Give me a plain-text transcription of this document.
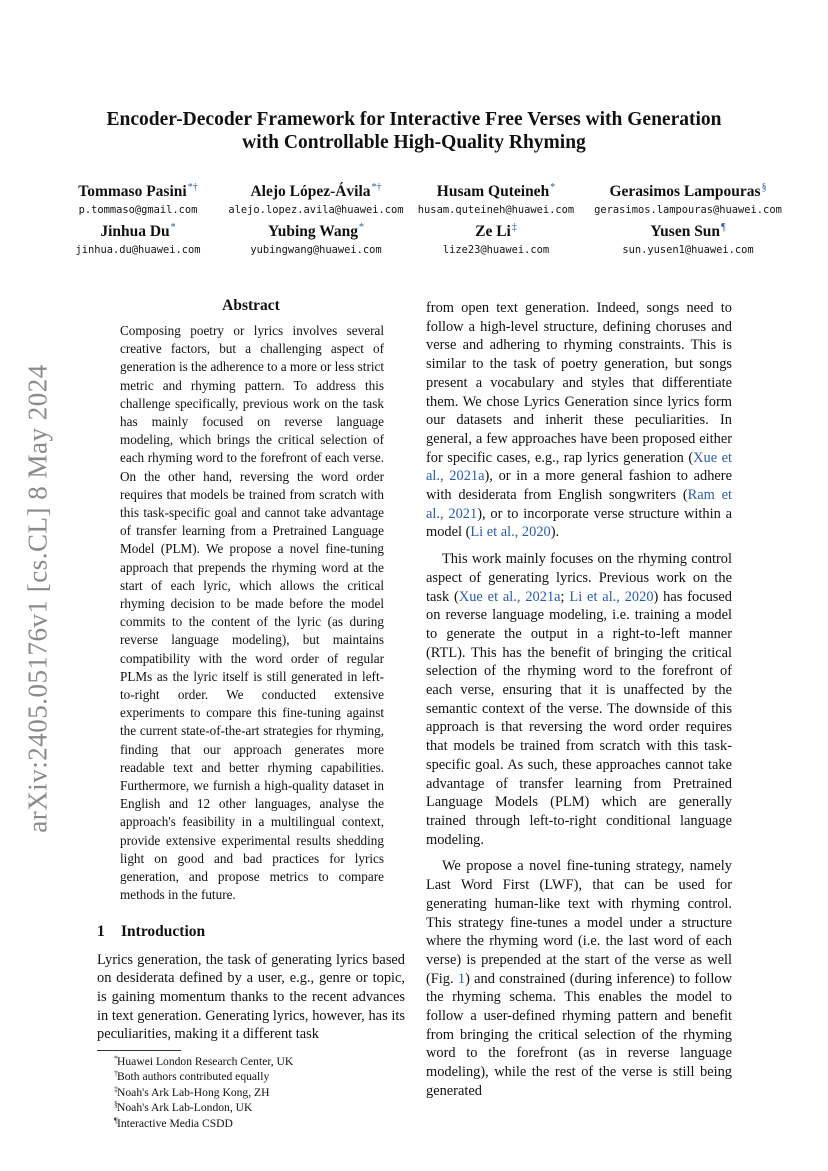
arXiv:2405.05176v1 [cs.CL] 8 May 2024
Encoder-Decoder Framework for Interactive Free Verses with Generation
with Controllable High-Quality Rhyming
Tommaso Pasini*†
p.tommaso@gmail.com
Alejo López-Ávila*†
alejo.lopez.avila@huawei.com
Husam Quteineh*
husam.quteineh@huawei.com
Gerasimos Lampouras§
gerasimos.lampouras@huawei.com
Jinhua Du*
jinhua.du@huawei.com
Yubing Wang*
yubingwang@huawei.com
Ze Li‡
lize23@huawei.com
Yusen Sun¶
sun.yusen1@huawei.com
Abstract
Composing poetry or lyrics involves several creative factors, but a challenging aspect of generation is the adherence to a more or less strict metric and rhyming pattern. To address this challenge specifically, previous work on the task has mainly focused on reverse language modeling, which brings the critical selection of each rhyming word to the forefront of each verse. On the other hand, reversing the word order requires that models be trained from scratch with this task-specific goal and cannot take advantage of transfer learning from a Pretrained Language Model (PLM). We propose a novel fine-tuning approach that prepends the rhyming word at the start of each lyric, which allows the critical rhyming decision to be made before the model commits to the content of the lyric (as during reverse language modeling), but maintains compatibility with the word order of regular PLMs as the lyric itself is still generated in left-to-right order. We conducted extensive experiments to compare this fine-tuning against the current state-of-the-art strategies for rhyming, finding that our approach generates more readable text and better rhyming capabilities. Furthermore, we furnish a high-quality dataset in English and 12 other languages, analyse the approach's feasibility in a multilingual context, provide extensive experimental results shedding light on good and bad practices for lyrics generation, and propose metrics to compare methods in the future.
1 Introduction
Lyrics generation, the task of generating lyrics based on desiderata defined by a user, e.g., genre or topic, is gaining momentum thanks to the recent advances in text generation. Generating lyrics, however, has its peculiarities, making it a different task
* Huawei London Research Center, UK
† Both authors contributed equally
‡ Noah's Ark Lab-Hong Kong, ZH
§ Noah's Ark Lab-London, UK
¶ Interactive Media CSDD

from open text generation. Indeed, songs need to follow a high-level structure, defining choruses and verse and adhering to rhyming constraints. This is similar to the task of poetry generation, but songs present a vocabulary and styles that differentiate them. We chose Lyrics Generation since lyrics form our datasets and inherit these peculiarities. In general, a few approaches have been proposed either for specific cases, e.g., rap lyrics generation (Xue et al., 2021a), or in a more general fashion to adhere with desiderata from English songwriters (Ram et al., 2021), or to incorporate verse structure within a model (Li et al., 2020).

This work mainly focuses on the rhyming control aspect of generating lyrics. Previous work on the task (Xue et al., 2021a; Li et al., 2020) has focused on reverse language modeling, i.e. training a model to generate the output in a right-to-left manner (RTL). This has the benefit of bringing the critical selection of the rhyming word to the forefront of each verse, ensuring that it is unaffected by the semantic context of the verse. The downside of this approach is that reversing the word order requires that models be trained from scratch with this task-specific goal. As such, these approaches cannot take advantage of transfer learning from Pretrained Language Models (PLM) which are generally trained through left-to-right conditional language modeling.

We propose a novel fine-tuning strategy, namely Last Word First (LWF), that can be used for generating human-like text with rhyming control. This strategy fine-tunes a model under a structure where the rhyming word (i.e. the last word of each verse) is prepended at the start of the verse as well (Fig. 1) and constrained (during inference) to follow the rhyming schema. This enables the model to follow a user-defined rhyming pattern and benefit from bringing the critical selection of the rhyming word to the forefront (as in reverse language modeling), while the rest of the verse is still being generated
